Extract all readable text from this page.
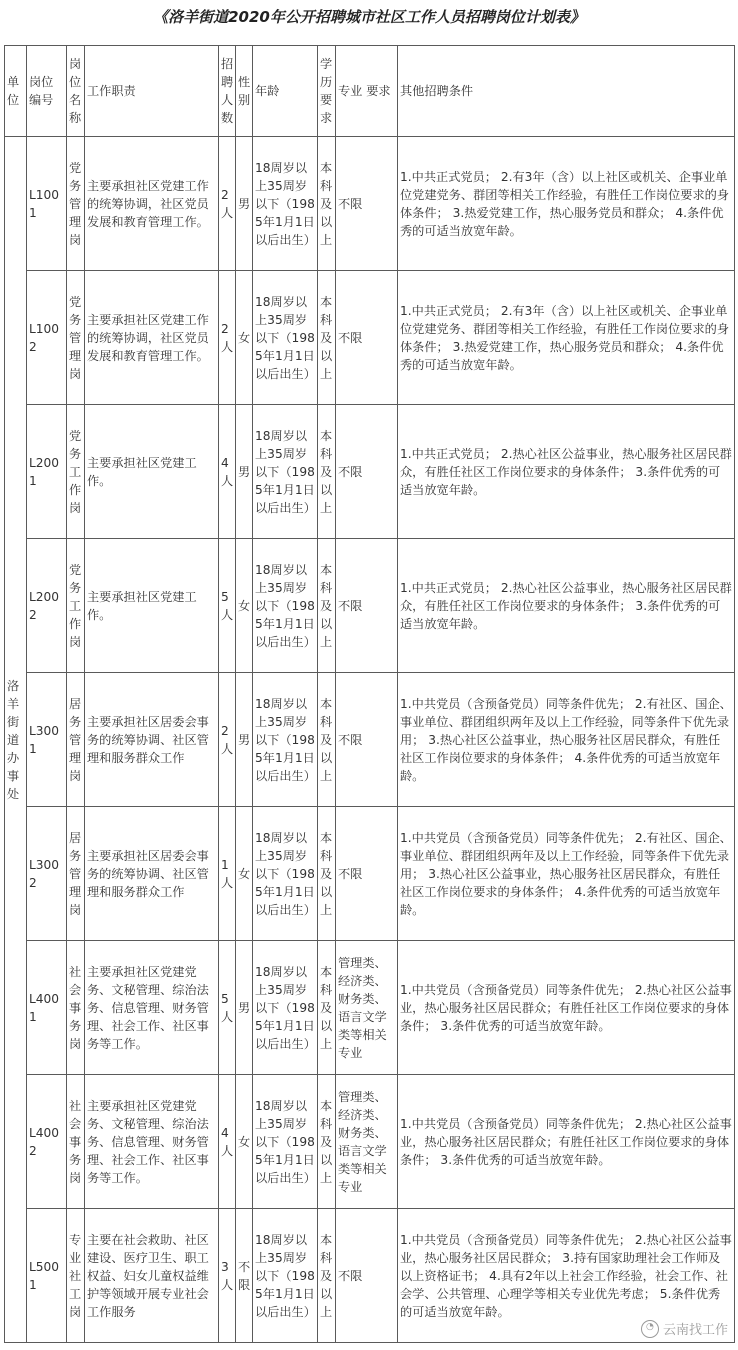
《洛羊街道2020年公开招聘城市社区工作人员招聘岗位计划表》
单位	岗位编号	岗位名称	工作职责	招聘人数	性别	年龄	学历要求	专业 要求	其他招聘条件
洛羊街道办事处	L1001	党务管理岗	主要承担社区党建工作的统筹协调，社区党员发展和教育管理工作。	2人	男	18周岁以上35周岁以下（1985年1月1日以后出生）	本科及以上	不限	1.中共正式党员； 2.有3年（含）以上社区或机关、企事业单位党建党务、群团等相关工作经验，有胜任工作岗位要求的身体条件； 3.热爱党建工作，热心服务党员和群众； 4.条件优秀的可适当放宽年龄。
	L1002	党务管理岗	主要承担社区党建工作的统筹协调，社区党员发展和教育管理工作。	2人	女	18周岁以上35周岁以下（1985年1月1日以后出生）	本科及以上	不限	1.中共正式党员； 2.有3年（含）以上社区或机关、企事业单位党建党务、群团等相关工作经验，有胜任工作岗位要求的身体条件； 3.热爱党建工作，热心服务党员和群众； 4.条件优秀的可适当放宽年龄。
	L2001	党务工作岗	主要承担社区党建工作。	4人	男	18周岁以上35周岁以下（1985年1月1日以后出生）	本科及以上	不限	1.中共正式党员； 2.热心社区公益事业，热心服务社区居民群众，有胜任社区工作岗位要求的身体条件； 3.条件优秀的可适当放宽年龄。
	L2002	党务工作岗	主要承担社区党建工作。	5人	女	18周岁以上35周岁以下（1985年1月1日以后出生）	本科及以上	不限	1.中共正式党员； 2.热心社区公益事业，热心服务社区居民群众，有胜任社区工作岗位要求的身体条件； 3.条件优秀的可适当放宽年龄。
	L3001	居务管理岗	主要承担社区居委会事务的统筹协调、社区管理和服务群众工作	2人	男	18周岁以上35周岁以下（1985年1月1日以后出生）	本科及以上	不限	1.中共党员（含预备党员）同等条件优先； 2.有社区、国企、事业单位、群团组织两年及以上工作经验，同等条件下优先录用； 3.热心社区公益事业，热心服务社区居民群众，有胜任社区工作岗位要求的身体条件； 4.条件优秀的可适当放宽年龄。
	L3002	居务管理岗	主要承担社区居委会事务的统筹协调、社区管理和服务群众工作	1人	女	18周岁以上35周岁以下（1985年1月1日以后出生）	本科及以上	不限	1.中共党员（含预备党员）同等条件优先； 2.有社区、国企、事业单位、群团组织两年及以上工作经验，同等条件下优先录用； 3.热心社区公益事业，热心服务社区居民群众，有胜任社区工作岗位要求的身体条件； 4.条件优秀的可适当放宽年龄。
	L4001	社会事务岗	主要承担社区党建党务、文秘管理、综治法务、信息管理、财务管理、社会工作、社区事务等工作。	5人	男	18周岁以上35周岁以下（1985年1月1日以后出生）	本科及以上	管理类、经济类、财务类、语言文学类等相关专业	1.中共党员（含预备党员）同等条件优先； 2.热心社区公益事业，热心服务社区居民群众；有胜任社区工作岗位要求的身体条件； 3.条件优秀的可适当放宽年龄。
	L4002	社会事务岗	主要承担社区党建党务、文秘管理、综治法务、信息管理、财务管理、社会工作、社区事务等工作。	4人	女	18周岁以上35周岁以下（1985年1月1日以后出生）	本科及以上	管理类、经济类、财务类、语言文学类等相关专业	1.中共党员（含预备党员）同等条件优先； 2.热心社区公益事业，热心服务社区居民群众；有胜任社区工作岗位要求的身体条件； 3.条件优秀的可适当放宽年龄。
	L5001	专业社工岗	主要在社会救助、社区建设、医疗卫生、职工权益、妇女儿童权益维护等领域开展专业社会工作服务	3人	不限	18周岁以上35周岁以下（1985年1月1日以后出生）	本科及以上	不限	1.中共党员（含预备党员）同等条件优先； 2.热心社区公益事业，热心服务社区居民群众； 3.持有国家助理社会工作师及以上资格证书； 4.具有2年以上社会工作经验，社会工作、社会学、公共管理、心理学等相关专业优先考虑； 5.条件优秀的可适当放宽年龄。
◔ 云南找工作
